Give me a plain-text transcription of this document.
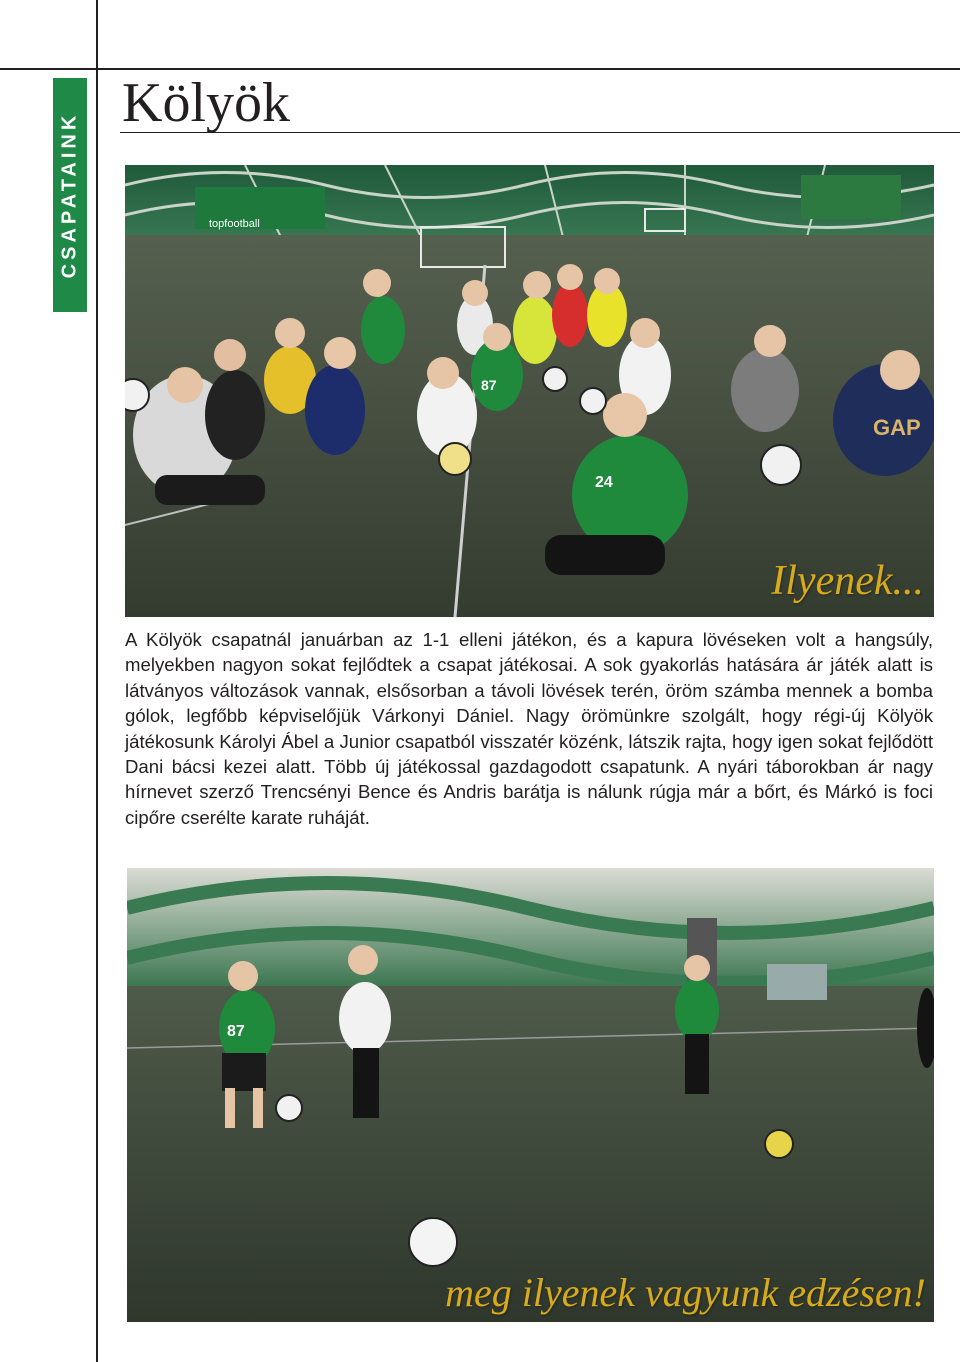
CSAPATAINK
Kölyök
topfootball
87
GAP
24
Ilyenek...

A Kölyök csapatnál januárban az 1-1 elleni játékon, és a kapura lövéseken volt a hangsúly, melyekben nagyon sokat fejlődtek a csapat játékosai. A sok gyakorlás hatására ár játék alatt is látványos változások vannak, elsősorban a távoli lövések terén, öröm számba mennek a bomba gólok, legfőbb képviselőjük Várkonyi Dániel. Nagy örömünkre szolgált, hogy régi-új Kölyök játékosunk Károlyi Ábel a Junior csapatból visszatér közénk, látszik rajta, hogy igen sokat fejlődött Dani bácsi kezei alatt. Több új játékossal gazdagodott csapatunk. A nyári táborokban ár nagy hírnevet szerző Trencsényi Bence és Andris barátja is nálunk rúgja már a bőrt, és Márkó is foci cipőre cserélte karate ruháját.

87
meg ilyenek vagyunk edzésen!
